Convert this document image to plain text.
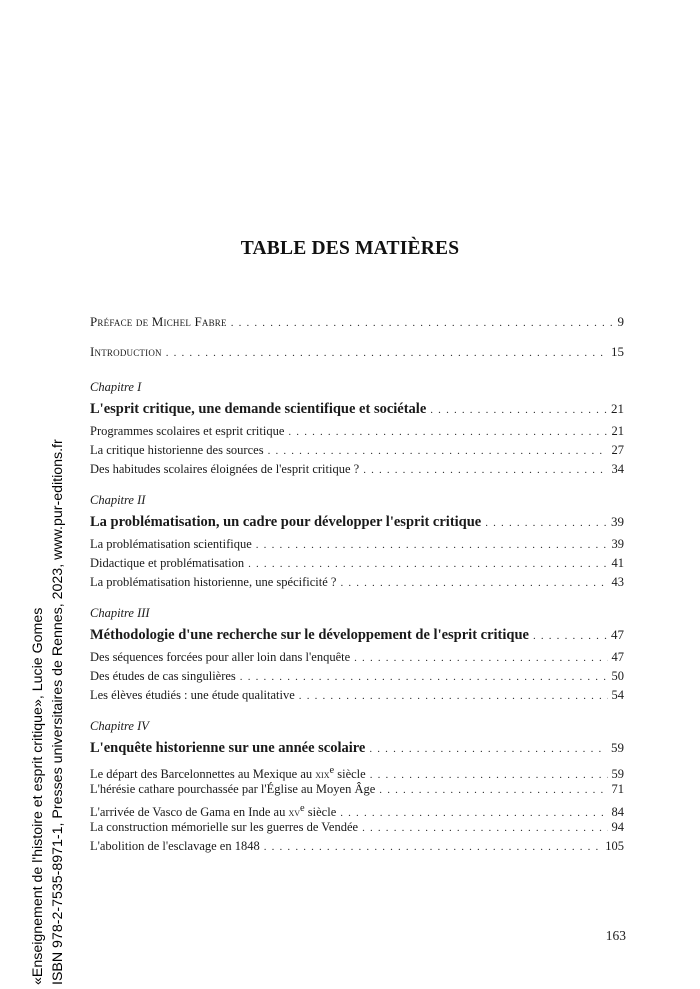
«Enseignement de l'histoire et esprit critique», Lucie Gomes ISBN 978-2-7535-8971-1, Presses universitaires de Rennes, 2023, www.pur-editions.fr
TABLE DES MATIÈRES
Préface de Michel Fabre . . .	9
Introduction . . .	15
Chapitre I
L'esprit critique, une demande scientifique et sociétale . . .	21
Programmes scolaires et esprit critique . . .	21
La critique historienne des sources . . .	27
Des habitudes scolaires éloignées de l'esprit critique ? . . .	34
Chapitre II
La problématisation, un cadre pour développer l'esprit critique . . .	39
La problématisation scientifique . . .	39
Didactique et problématisation . . .	41
La problématisation historienne, une spécificité ? . . .	43
Chapitre III
Méthodologie d'une recherche sur le développement de l'esprit critique . . .	47
Des séquences forcées pour aller loin dans l'enquête . . .	47
Des études de cas singulières . . .	50
Les élèves étudiés : une étude qualitative . . .	54
Chapitre IV
L'enquête historienne sur une année scolaire . . .	59
Le départ des Barcelonnettes au Mexique au xix$^e$ siècle . . .	59
L'hérésie cathare pourchassée par l'Église au Moyen Âge . . .	71
L'arrivée de Vasco de Gama en Inde au $xv^e$ siècle . . .	84
La construction mémorielle sur les guerres de Vendée . . .	94
L'abolition de l'esclavage en 1848 . . .	105
163
